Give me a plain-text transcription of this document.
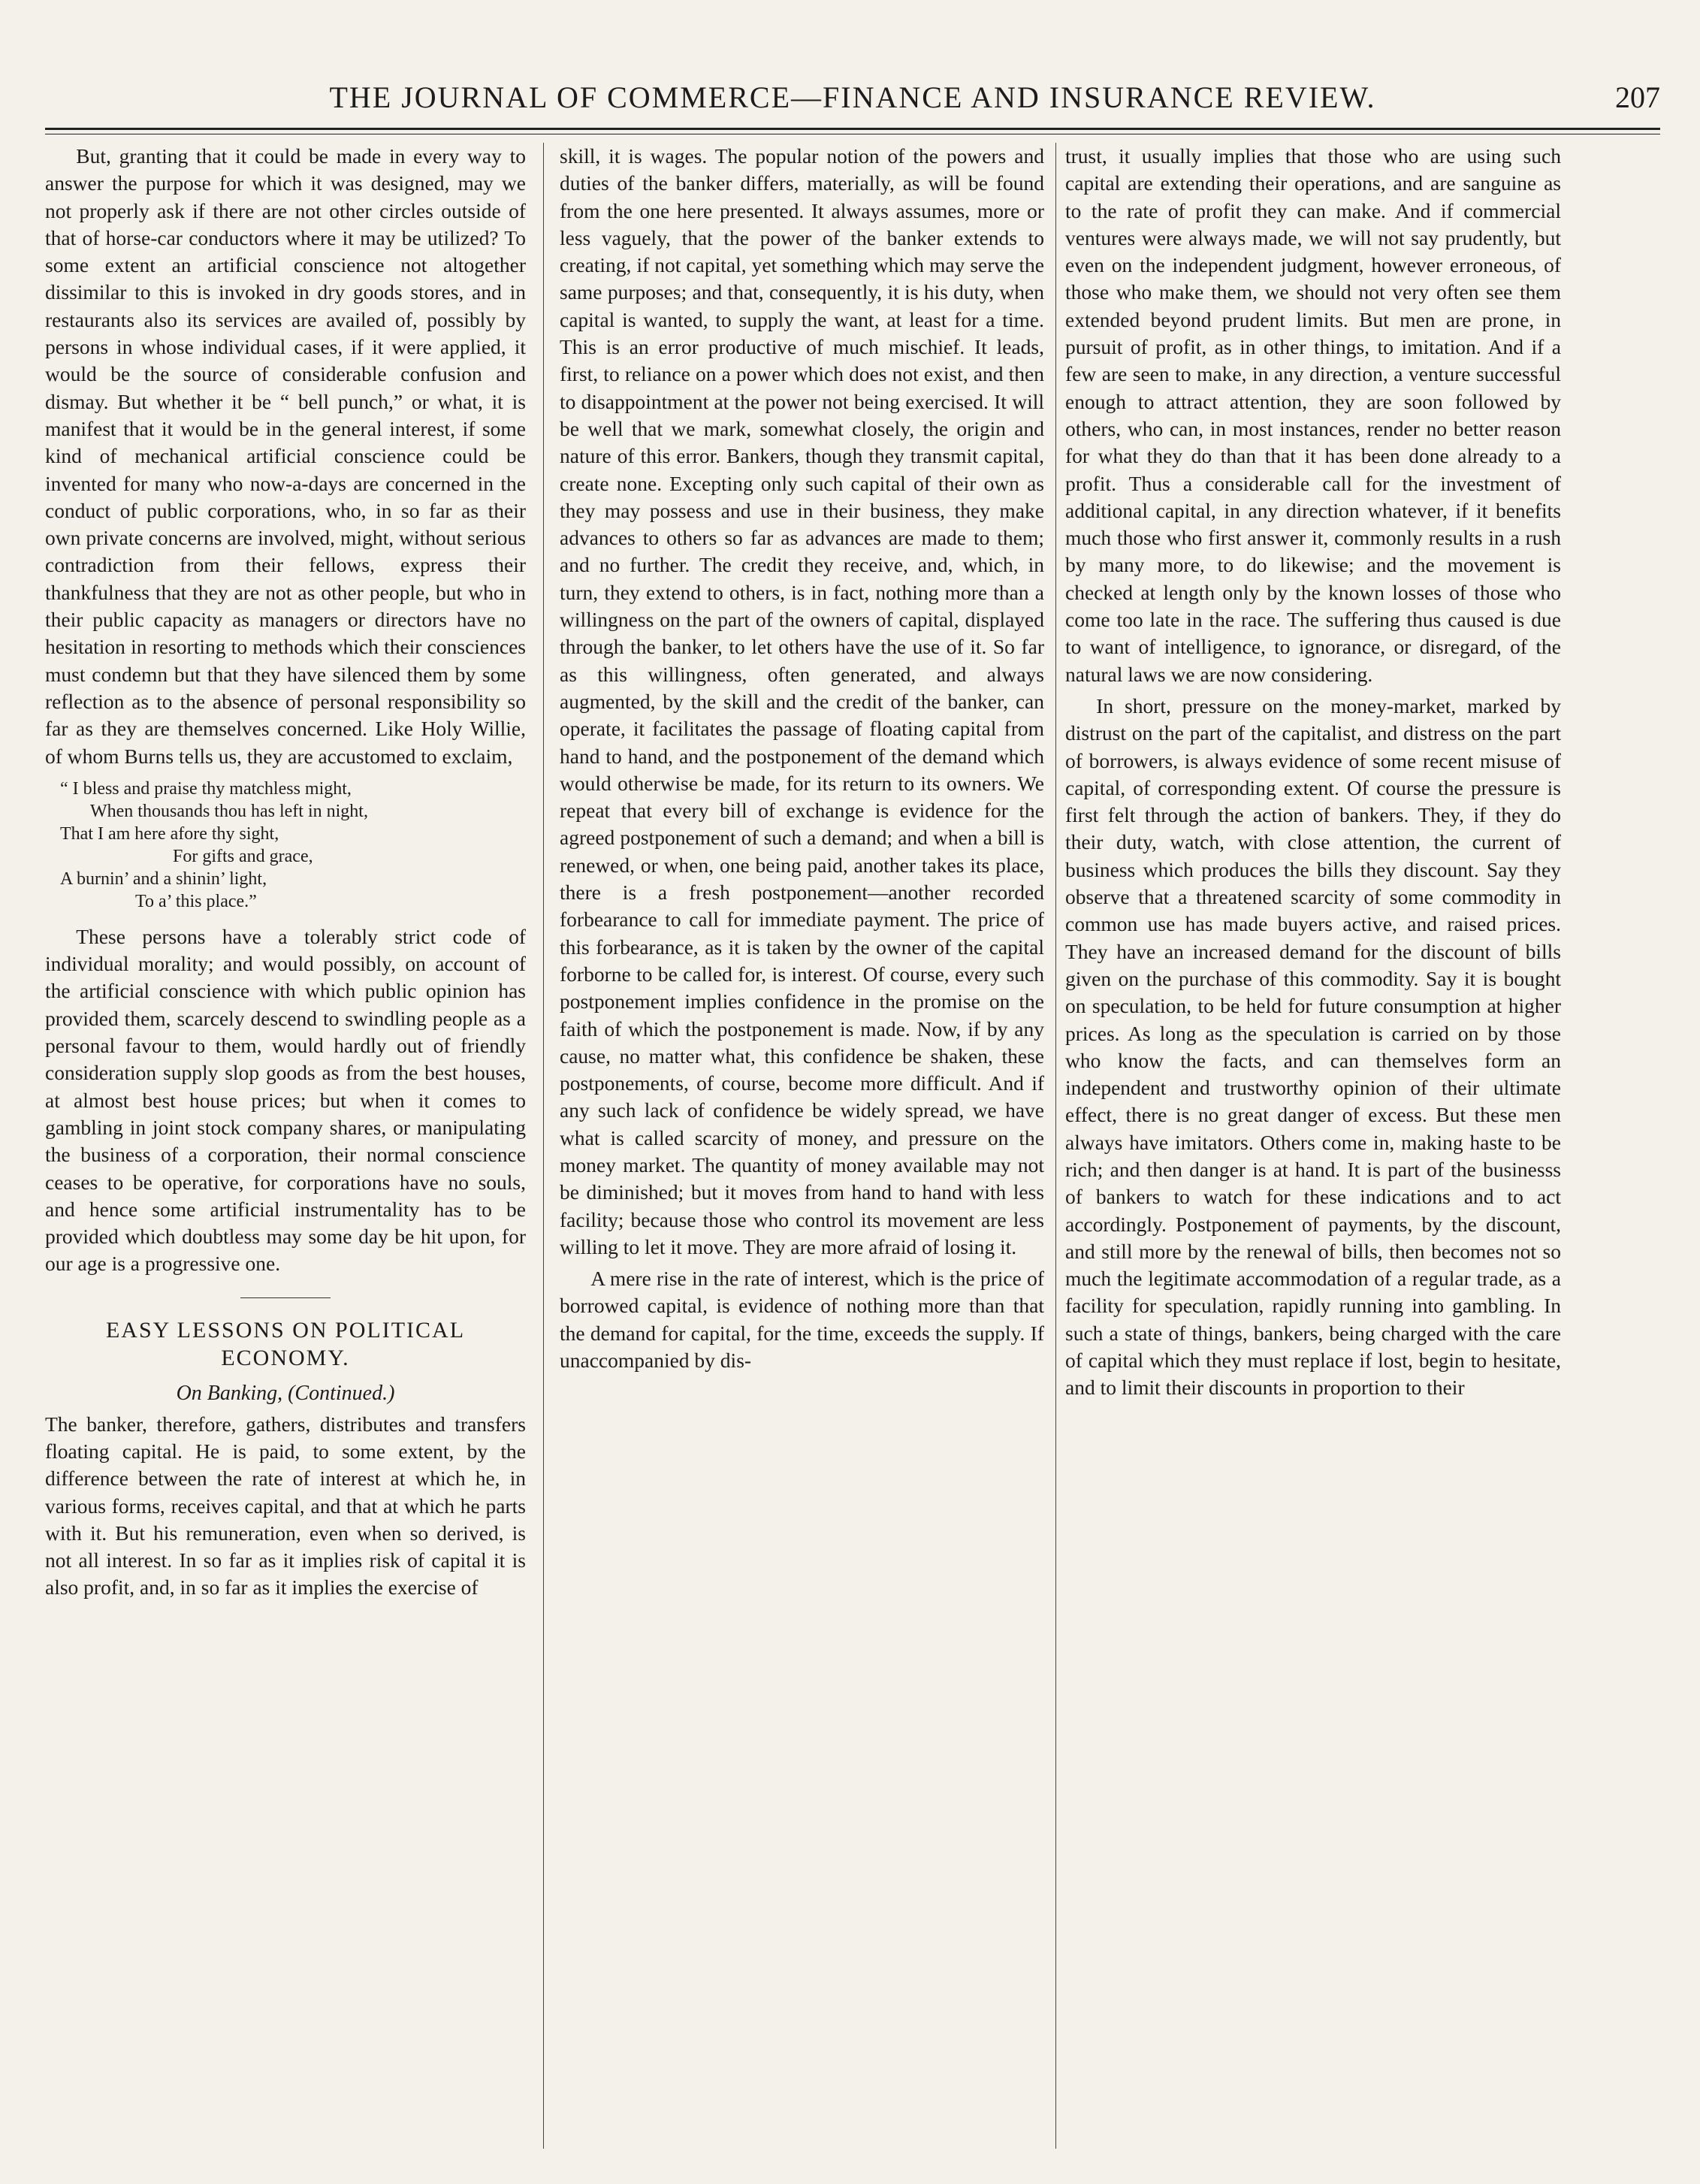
THE JOURNAL OF COMMERCE—FINANCE AND INSURANCE REVIEW.	207

But, granting that it could be made in every way to answer the purpose for which it was designed, may we not properly ask if there are not other circles outside of that of horse-car conductors where it may be utilized? To some extent an artificial conscience not altogether dissimilar to this is invoked in dry goods stores, and in restaurants also its services are availed of, possibly by persons in whose individual cases, if it were applied, it would be the source of considerable confusion and dismay. But whether it be “ bell punch,” or what, it is manifest that it would be in the general interest, if some kind of mechanical artificial conscience could be invented for many who now-a-days are concerned in the conduct of public corporations, who, in so far as their own private concerns are involved, might, without serious contradiction from their fellows, express their thankfulness that they are not as other people, but who in their public capacity as managers or directors have no hesitation in resorting to methods which their consciences must condemn but that they have silenced them by some reflection as to the absence of personal responsibility so far as they are themselves concerned. Like Holy Willie, of whom Burns tells us, they are accustomed to exclaim,

“ I bless and praise thy matchless might,
When thousands thou has left in night,
That I am here afore thy sight,
For gifts and grace,
A burnin’ and a shinin’ light,
To a’ this place.”

These persons have a tolerably strict code of individual morality; and would possibly, on account of the artificial conscience with which public opinion has provided them, scarcely descend to swindling people as a personal favour to them, would hardly out of friendly consideration supply slop goods as from the best houses, at almost best house prices; but when it comes to gambling in joint stock company shares, or manipulating the business of a corporation, their normal conscience ceases to be operative, for corporations have no souls, and hence some artificial instrumentality has to be provided which doubtless may some day be hit upon, for our age is a progressive one.

EASY LESSONS ON POLITICAL
ECONOMY.
On Banking, (Continued.)

The banker, therefore, gathers, distributes and transfers floating capital. He is paid, to some extent, by the difference between the rate of interest at which he, in various forms, receives capital, and that at which he parts with it. But his remuneration, even when so derived, is not all interest. In so far as it implies risk of capital it is also profit, and, in so far as it implies the exercise of

skill, it is wages. The popular notion of the powers and duties of the banker differs, materially, as will be found from the one here presented. It always assumes, more or less vaguely, that the power of the banker extends to creating, if not capital, yet something which may serve the same purposes; and that, consequently, it is his duty, when capital is wanted, to supply the want, at least for a time. This is an error productive of much mischief. It leads, first, to reliance on a power which does not exist, and then to disappointment at the power not being exercised. It will be well that we mark, somewhat closely, the origin and nature of this error. Bankers, though they transmit capital, create none. Excepting only such capital of their own as they may possess and use in their business, they make advances to others so far as advances are made to them; and no further. The credit they receive, and, which, in turn, they extend to others, is in fact, nothing more than a willingness on the part of the owners of capital, displayed through the banker, to let others have the use of it. So far as this willingness, often generated, and always augmented, by the skill and the credit of the banker, can operate, it facilitates the passage of floating capital from hand to hand, and the postponement of the demand which would otherwise be made, for its return to its owners. We repeat that every bill of exchange is evidence for the agreed postponement of such a demand; and when a bill is renewed, or when, one being paid, another takes its place, there is a fresh postponement—another recorded forbearance to call for immediate payment. The price of this forbearance, as it is taken by the owner of the capital forborne to be called for, is interest. Of course, every such postponement implies confidence in the promise on the faith of which the postponement is made. Now, if by any cause, no matter what, this confidence be shaken, these postponements, of course, become more difficult. And if any such lack of confidence be widely spread, we have what is called scarcity of money, and pressure on the money market. The quantity of money available may not be diminished; but it moves from hand to hand with less facility; because those who control its movement are less willing to let it move. They are more afraid of losing it.

A mere rise in the rate of interest, which is the price of borrowed capital, is evidence of nothing more than that the demand for capital, for the time, exceeds the supply. If unaccompanied by dis-

trust, it usually implies that those who are using such capital are extending their operations, and are sanguine as to the rate of profit they can make. And if commercial ventures were always made, we will not say prudently, but even on the independent judgment, however erroneous, of those who make them, we should not very often see them extended beyond prudent limits. But men are prone, in pursuit of profit, as in other things, to imitation. And if a few are seen to make, in any direction, a venture successful enough to attract attention, they are soon followed by others, who can, in most instances, render no better reason for what they do than that it has been done already to a profit. Thus a considerable call for the investment of additional capital, in any direction whatever, if it benefits much those who first answer it, commonly results in a rush by many more, to do likewise; and the movement is checked at length only by the known losses of those who come too late in the race. The suffering thus caused is due to want of intelligence, to ignorance, or disregard, of the natural laws we are now considering.

In short, pressure on the money-market, marked by distrust on the part of the capitalist, and distress on the part of borrowers, is always evidence of some recent misuse of capital, of corresponding extent. Of course the pressure is first felt through the action of bankers. They, if they do their duty, watch, with close attention, the current of business which produces the bills they discount. Say they observe that a threatened scarcity of some commodity in common use has made buyers active, and raised prices. They have an increased demand for the discount of bills given on the purchase of this commodity. Say it is bought on speculation, to be held for future consumption at higher prices. As long as the speculation is carried on by those who know the facts, and can themselves form an independent and trustworthy opinion of their ultimate effect, there is no great danger of excess. But these men always have imitators. Others come in, making haste to be rich; and then danger is at hand. It is part of the businesss of bankers to watch for these indications and to act accordingly. Postponement of payments, by the discount, and still more by the renewal of bills, then becomes not so much the legitimate accommodation of a regular trade, as a facility for speculation, rapidly running into gambling. In such a state of things, bankers, being charged with the care of capital which they must replace if lost, begin to hesitate, and to limit their discounts in proportion to their
